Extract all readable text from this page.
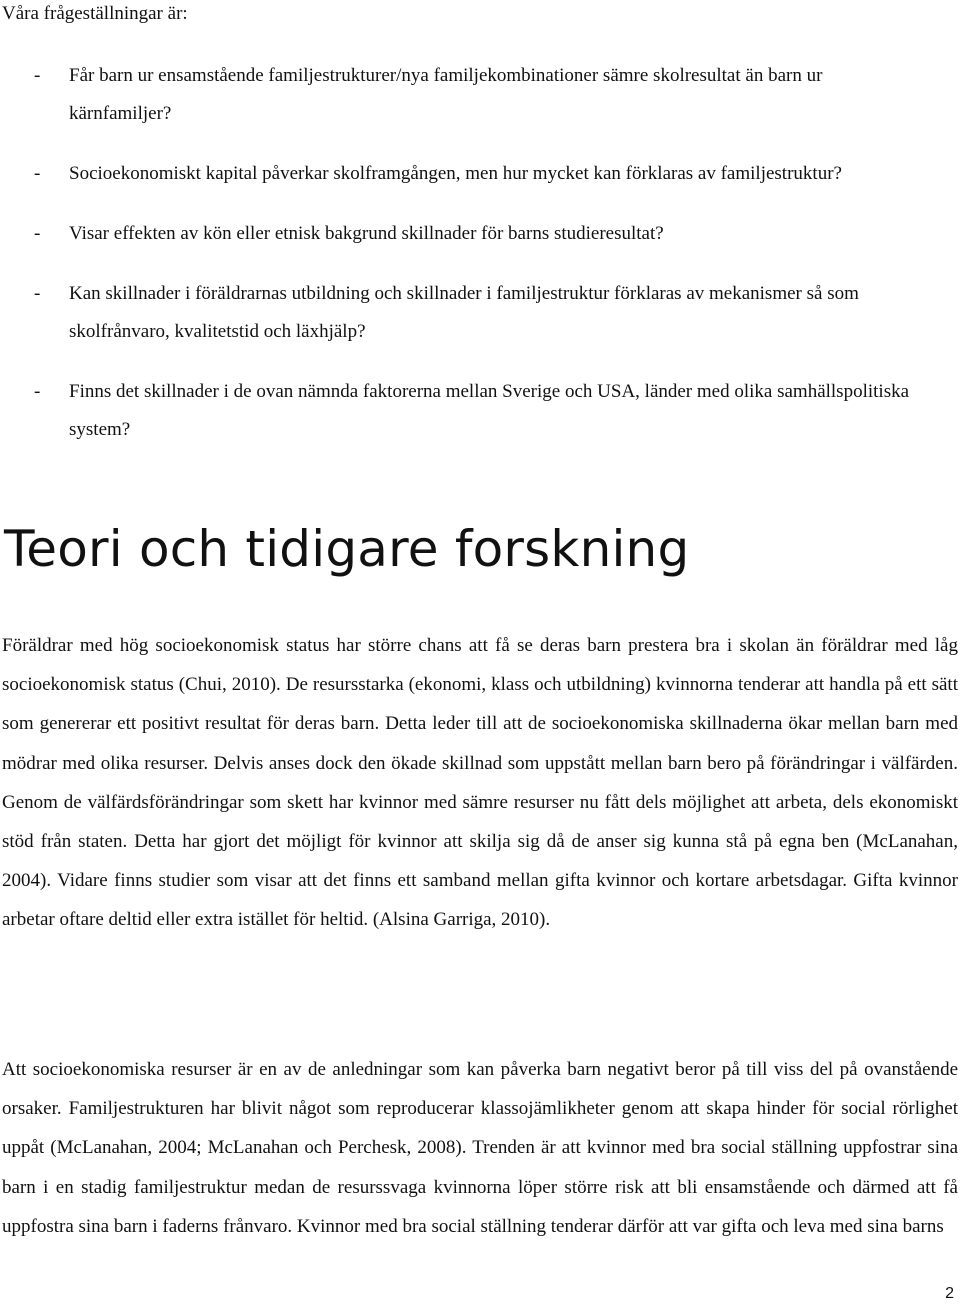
Våra frågeställningar är:

- Får barn ur ensamstående familjestrukturer/nya familjekombinationer sämre skolresultat än barn ur kärnfamiljer?
- Socioekonomiskt kapital påverkar skolframgången, men hur mycket kan förklaras av familjestruktur?
- Visar effekten av kön eller etnisk bakgrund skillnader för barns studieresultat?
- Kan skillnader i föräldrarnas utbildning och skillnader i familjestruktur förklaras av mekanismer så som skolfrånvaro, kvalitetstid och läxhjälp?
- Finns det skillnader i de ovan nämnda faktorerna mellan Sverige och USA, länder med olika samhällspolitiska system?
Teori och tidigare forskning

Föräldrar med hög socioekonomisk status har större chans att få se deras barn prestera bra i skolan än föräldrar med låg socioekonomisk status (Chui, 2010). De resursstarka (ekonomi, klass och utbildning) kvinnorna tenderar att handla på ett sätt som genererar ett positivt resultat för deras barn. Detta leder till att de socioekonomiska skillnaderna ökar mellan barn med mödrar med olika resurser. Delvis anses dock den ökade skillnad som uppstått mellan barn bero på förändringar i välfärden. Genom de välfärdsförändringar som skett har kvinnor med sämre resurser nu fått dels möjlighet att arbeta, dels ekonomiskt stöd från staten. Detta har gjort det möjligt för kvinnor att skilja sig då de anser sig kunna stå på egna ben (McLanahan, 2004). Vidare finns studier som visar att det finns ett samband mellan gifta kvinnor och kortare arbetsdagar. Gifta kvinnor arbetar oftare deltid eller extra istället för heltid. (Alsina Garriga, 2010).

Att socioekonomiska resurser är en av de anledningar som kan påverka barn negativt beror på till viss del på ovanstående orsaker. Familjestrukturen har blivit något som reproducerar klassojämlikheter genom att skapa hinder för social rörlighet uppåt (McLanahan, 2004; McLanahan och Perchesk, 2008). Trenden är att kvinnor med bra social ställning uppfostrar sina barn i en stadig familjestruktur medan de resurssvaga kvinnorna löper större risk att bli ensamstående och därmed att få uppfostra sina barn i faderns frånvaro. Kvinnor med bra social ställning tenderar därför att var gifta och leva med sina barns

2
